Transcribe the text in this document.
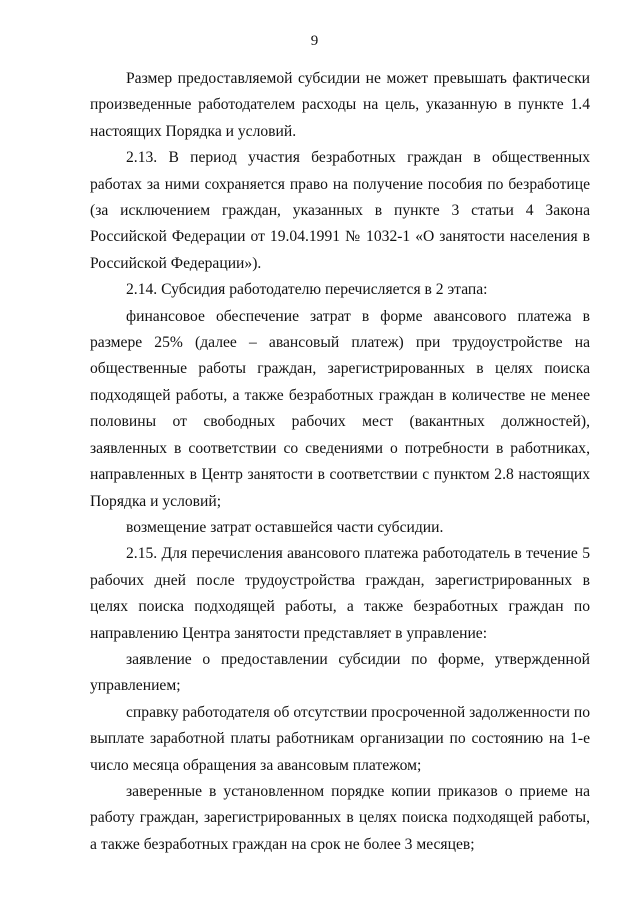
9

Размер предоставляемой субсидии не может превышать фактически произведенные работодателем расходы на цель, указанную в пункте 1.4 настоящих Порядка и условий.

2.13. В период участия безработных граждан в общественных работах за ними сохраняется право на получение пособия по безработице (за исключением граждан, указанных в пункте 3 статьи 4 Закона Российской Федерации от 19.04.1991 № 1032-1 «О занятости населения в Российской Федерации»).

2.14. Субсидия работодателю перечисляется в 2 этапа:

финансовое обеспечение затрат в форме авансового платежа в размере 25% (далее – авансовый платеж) при трудоустройстве на общественные работы граждан, зарегистрированных в целях поиска подходящей работы, а также безработных граждан в количестве не менее половины от свободных рабочих мест (вакантных должностей), заявленных в соответствии со сведениями о потребности в работниках, направленных в Центр занятости в соответствии с пунктом 2.8 настоящих Порядка и условий;

возмещение затрат оставшейся части субсидии.

2.15. Для перечисления авансового платежа работодатель в течение 5 рабочих дней после трудоустройства граждан, зарегистрированных в целях поиска подходящей работы, а также безработных граждан по направлению Центра занятости представляет в управление:

заявление о предоставлении субсидии по форме, утвержденной управлением;

справку работодателя об отсутствии просроченной задолженности по выплате заработной платы работникам организации по состоянию на 1-е число месяца обращения за авансовым платежом;

заверенные в установленном порядке копии приказов о приеме на работу граждан, зарегистрированных в целях поиска подходящей работы, а также безработных граждан на срок не более 3 месяцев;
